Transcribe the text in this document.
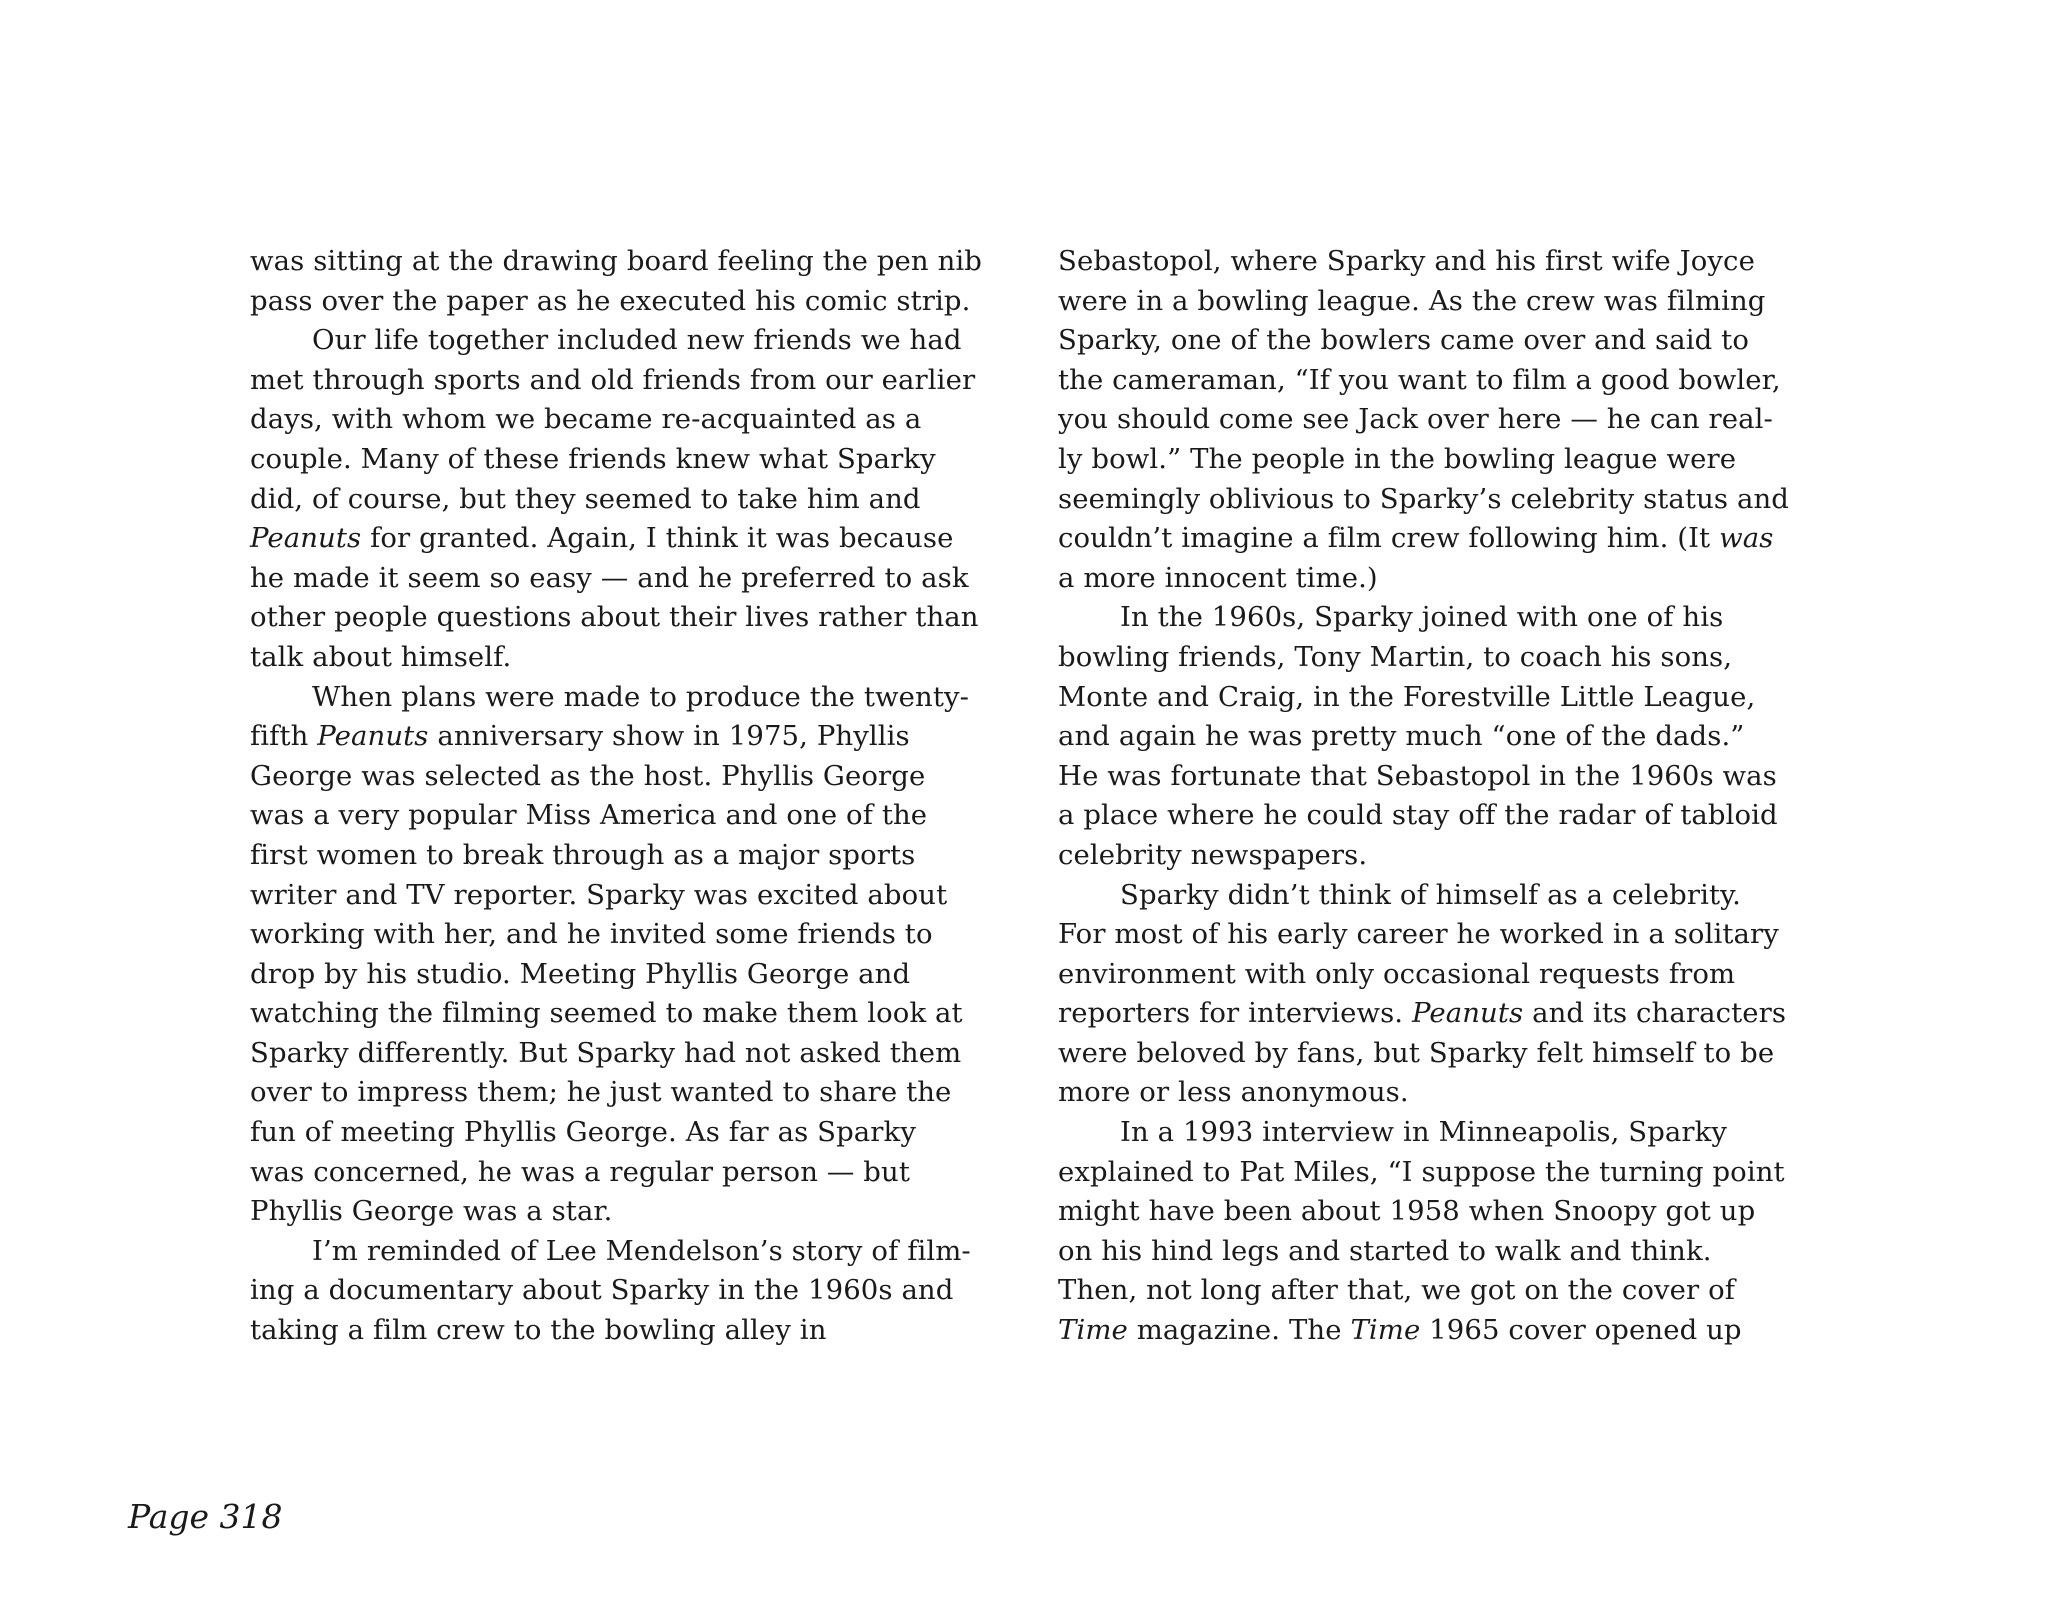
was sitting at the drawing board feeling the pen nib
pass over the paper as he executed his comic strip.
Our life together included new friends we had
met through sports and old friends from our earlier
days, with whom we became re-acquainted as a
couple. Many of these friends knew what Sparky
did, of course, but they seemed to take him and
Peanuts for granted. Again, I think it was because
he made it seem so easy — and he preferred to ask
other people questions about their lives rather than
talk about himself.
When plans were made to produce the twenty-
fifth Peanuts anniversary show in 1975, Phyllis
George was selected as the host. Phyllis George
was a very popular Miss America and one of the
first women to break through as a major sports
writer and TV reporter. Sparky was excited about
working with her, and he invited some friends to
drop by his studio. Meeting Phyllis George and
watching the filming seemed to make them look at
Sparky differently. But Sparky had not asked them
over to impress them; he just wanted to share the
fun of meeting Phyllis George. As far as Sparky
was concerned, he was a regular person — but
Phyllis George was a star.
I’m reminded of Lee Mendelson’s story of film-
ing a documentary about Sparky in the 1960s and
taking a film crew to the bowling alley in
Sebastopol, where Sparky and his first wife Joyce
were in a bowling league. As the crew was filming
Sparky, one of the bowlers came over and said to
the cameraman, “If you want to film a good bowler,
you should come see Jack over here — he can real-
ly bowl.” The people in the bowling league were
seemingly oblivious to Sparky’s celebrity status and
couldn’t imagine a film crew following him. (It was
a more innocent time.)
In the 1960s, Sparky joined with one of his
bowling friends, Tony Martin, to coach his sons,
Monte and Craig, in the Forestville Little League,
and again he was pretty much “one of the dads.”
He was fortunate that Sebastopol in the 1960s was
a place where he could stay off the radar of tabloid
celebrity newspapers.
Sparky didn’t think of himself as a celebrity.
For most of his early career he worked in a solitary
environment with only occasional requests from
reporters for interviews. Peanuts and its characters
were beloved by fans, but Sparky felt himself to be
more or less anonymous.
In a 1993 interview in Minneapolis, Sparky
explained to Pat Miles, “I suppose the turning point
might have been about 1958 when Snoopy got up
on his hind legs and started to walk and think.
Then, not long after that, we got on the cover of
Time magazine. The Time 1965 cover opened up
Page 318
